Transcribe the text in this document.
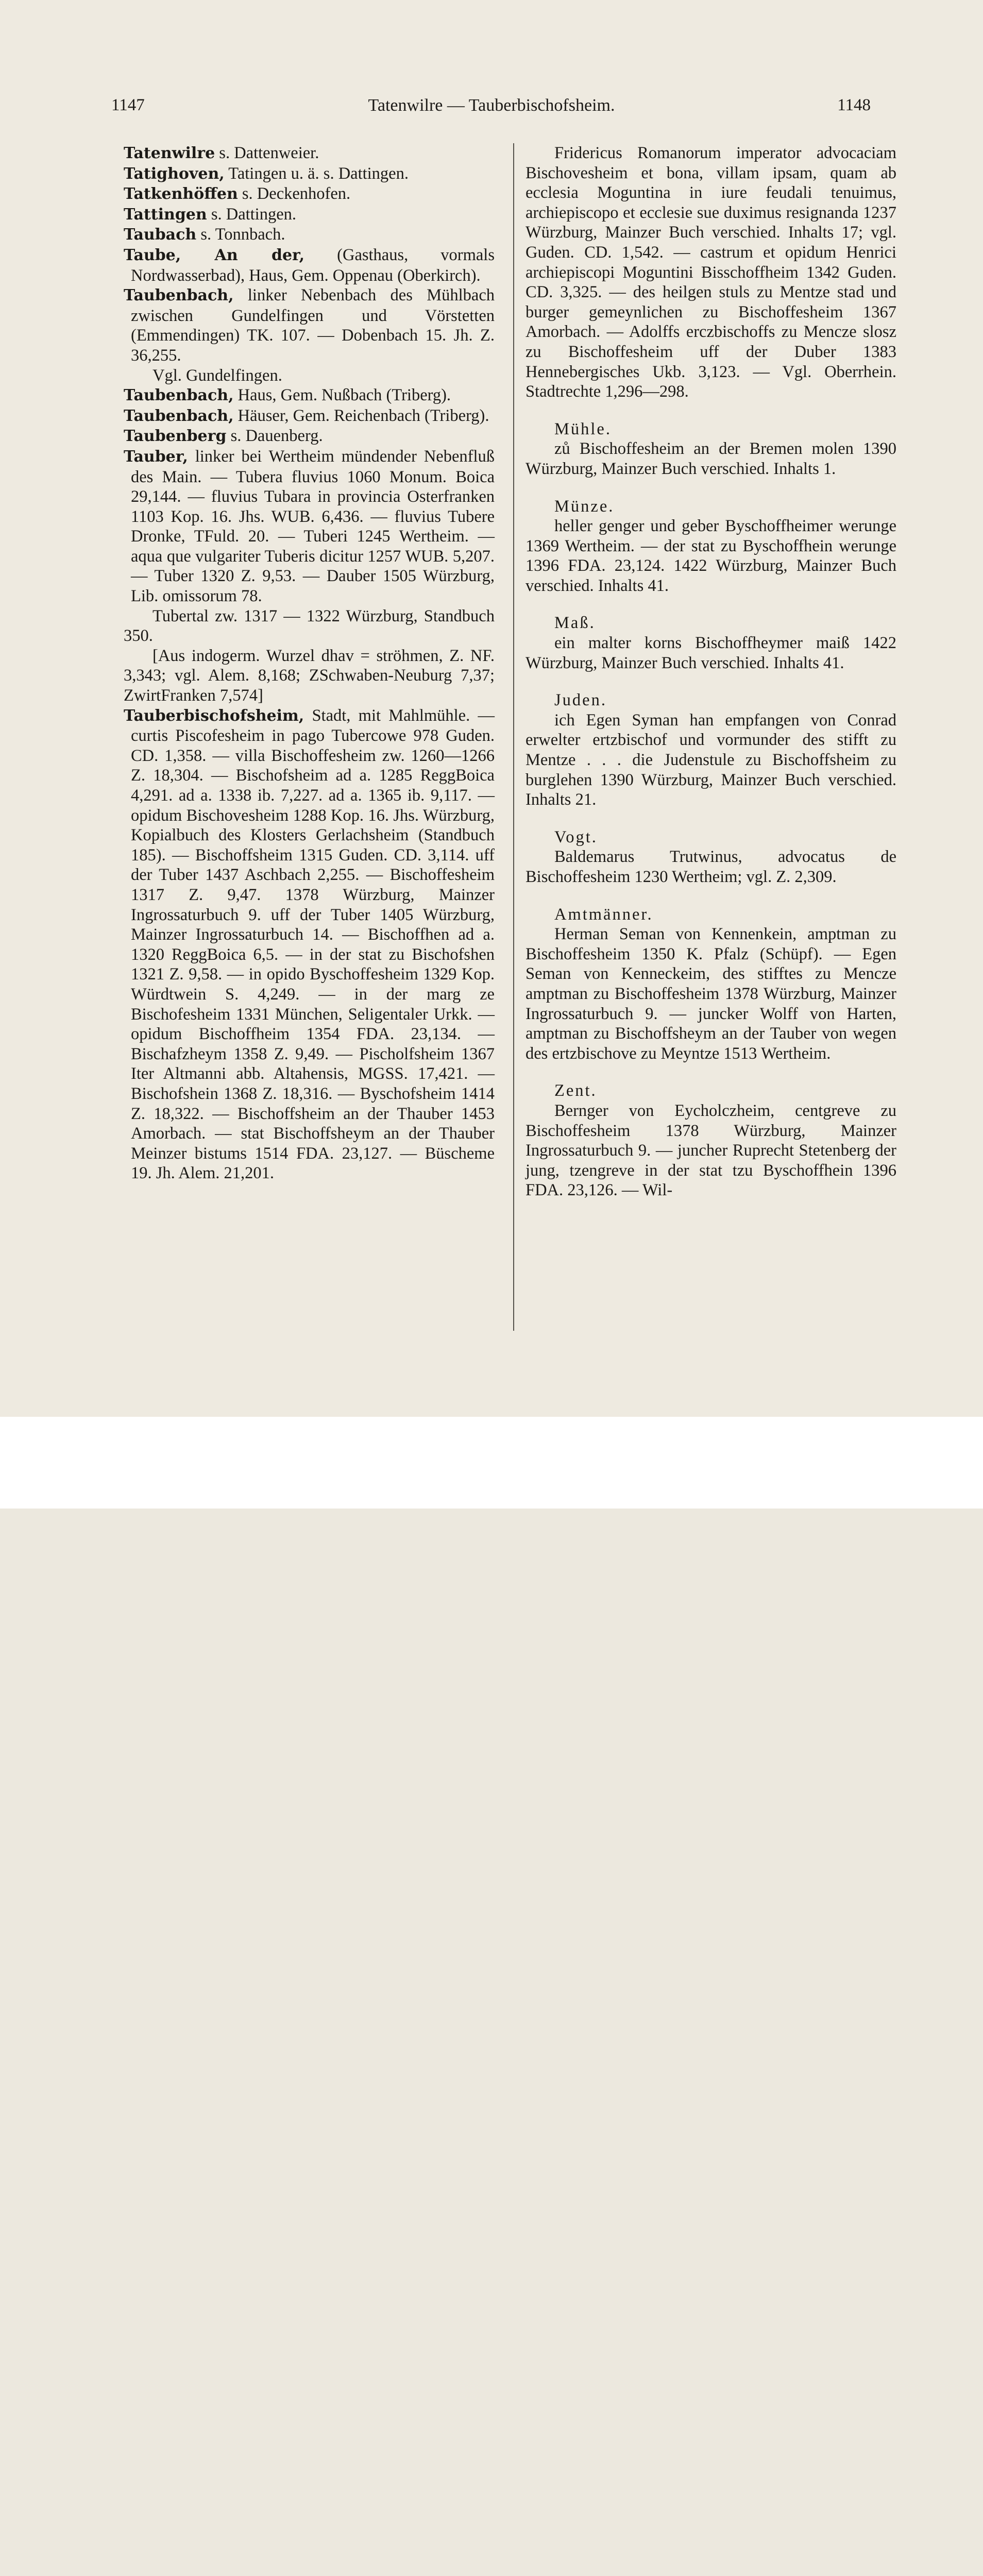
1147	Tatenwilre — Tauberbischofsheim.	1148

Tatenwilre s. Dattenweier.

Tatighoven, Tatingen u. ä. s. Dattingen.

Tatkenhöffen s. Deckenhofen.

Tattingen s. Dattingen.

Taubach s. Tonnbach.

Taube, An der, (Gasthaus, vormals Nordwasserbad), Haus, Gem. Oppenau (Oberkirch).

Taubenbach, linker Nebenbach des Mühlbach zwischen Gundelfingen und Vörstetten (Emmendingen) TK. 107. — Dobenbach 15. Jh. Z. 36,255.

Vgl. Gundelfingen.

Taubenbach, Haus, Gem. Nußbach (Triberg).

Taubenbach, Häuser, Gem. Reichenbach (Triberg).

Taubenberg s. Dauenberg.

Tauber, linker bei Wertheim mündender Nebenfluß des Main. — Tubera fluvius 1060 Monum. Boica 29,144. — fluvius Tubara in provincia Osterfranken 1103 Kop. 16. Jhs. WUB. 6,436. — fluvius Tubere Dronke, TFuld. 20. — Tuberi 1245 Wertheim. — aqua que vulgariter Tuberis dicitur 1257 WUB. 5,207. — Tuber 1320 Z. 9,53. — Dauber 1505 Würzburg, Lib. omissorum 78.

Tubertal zw. 1317 — 1322 Würzburg, Standbuch 350.

[Aus indogerm. Wurzel dhav = ströhmen, Z. NF. 3,343; vgl. Alem. 8,168; ZSchwaben-Neuburg 7,37; ZwirtFranken 7,574]

Tauberbischofsheim, Stadt, mit Mahlmühle. — curtis Piscofesheim in pago Tubercowe 978 Guden. CD. 1,358. — villa Bischoffesheim zw. 1260—1266 Z. 18,304. — Bischofsheim ad a. 1285 ReggBoica 4,291. ad a. 1338 ib. 7,227. ad a. 1365 ib. 9,117. — opidum Bischovesheim 1288 Kop. 16. Jhs. Würzburg, Kopialbuch des Klosters Gerlachsheim (Standbuch 185). — Bischoffsheim 1315 Guden. CD. 3,114. uff der Tuber 1437 Aschbach 2,255. — Bischoffesheim 1317 Z. 9,47. 1378 Würzburg, Mainzer Ingrossaturbuch 9. uff der Tuber 1405 Würzburg, Mainzer Ingrossaturbuch 14. — Bischoffhen ad a. 1320 ReggBoica 6,5. — in der stat zu Bischofshen 1321 Z. 9,58. — in opido Byschoffesheim 1329 Kop. Würdtwein S. 4,249. — in der marg ze Bischofesheim 1331 München, Seligentaler Urkk. — opidum Bischoffheim 1354 FDA. 23,134. — Bischafzheym 1358 Z. 9,49. — Pischolfsheim 1367 Iter Altmanni abb. Altahensis, MGSS. 17,421. — Bischofshein 1368 Z. 18,316. — Byschofsheim 1414 Z. 18,322. — Bischoffsheim an der Thauber 1453 Amorbach. — stat Bischoffsheym an der Thauber Meinzer bistums 1514 FDA. 23,127. — Büscheme 19. Jh. Alem. 21,201.

Fridericus Romanorum imperator advocaciam Bischovesheim et bona, villam ipsam, quam ab ecclesia Moguntina in iure feudali tenuimus, archiepiscopo et ecclesie sue duximus resignanda 1237 Würzburg, Mainzer Buch verschied. Inhalts 17; vgl. Guden. CD. 1,542. — castrum et opidum Henrici archiepiscopi Moguntini Bisschoffheim 1342 Guden. CD. 3,325. — des heilgen stuls zu Mentze stad und burger gemeynlichen zu Bischoffesheim 1367 Amorbach. — Adolffs erczbischoffs zu Mencze slosz zu Bischoffesheim uff der Duber 1383 Hennebergisches Ukb. 3,123. — Vgl. Oberrhein. Stadtrechte 1,296—298.

Mühle.

zů Bischoffesheim an der Bremen molen 1390 Würzburg, Mainzer Buch verschied. Inhalts 1.

Münze.

heller genger und geber Byschoffheimer werunge 1369 Wertheim. — der stat zu Byschoffhein werunge 1396 FDA. 23,124. 1422 Würzburg, Mainzer Buch verschied. Inhalts 41.

Maß.

ein malter korns Bischoffheymer maiß 1422 Würzburg, Mainzer Buch verschied. Inhalts 41.

Juden.

ich Egen Syman han empfangen von Conrad erwelter ertzbischof und vormunder des stifft zu Mentze . . . die Judenstule zu Bischoffsheim zu burglehen 1390 Würzburg, Mainzer Buch verschied. Inhalts 21.

Vogt.

Baldemarus Trutwinus, advocatus de Bischoffesheim 1230 Wertheim; vgl. Z. 2,309.

Amtmänner.

Herman Seman von Kennenkein, amptman zu Bischoffesheim 1350 K. Pfalz (Schüpf). — Egen Seman von Kenneckeim, des stifftes zu Mencze amptman zu Bischoffesheim 1378 Würzburg, Mainzer Ingrossaturbuch 9. — juncker Wolff von Harten, amptman zu Bischoffsheym an der Tauber von wegen des ertzbischove zu Meyntze 1513 Wertheim.

Zent.

Bernger von Eycholczheim, centgreve zu Bischoffesheim 1378 Würzburg, Mainzer Ingrossaturbuch 9. — juncher Ruprecht Stetenberg der jung, tzengreve in der stat tzu Byschoffhein 1396 FDA. 23,126. — Wil-
